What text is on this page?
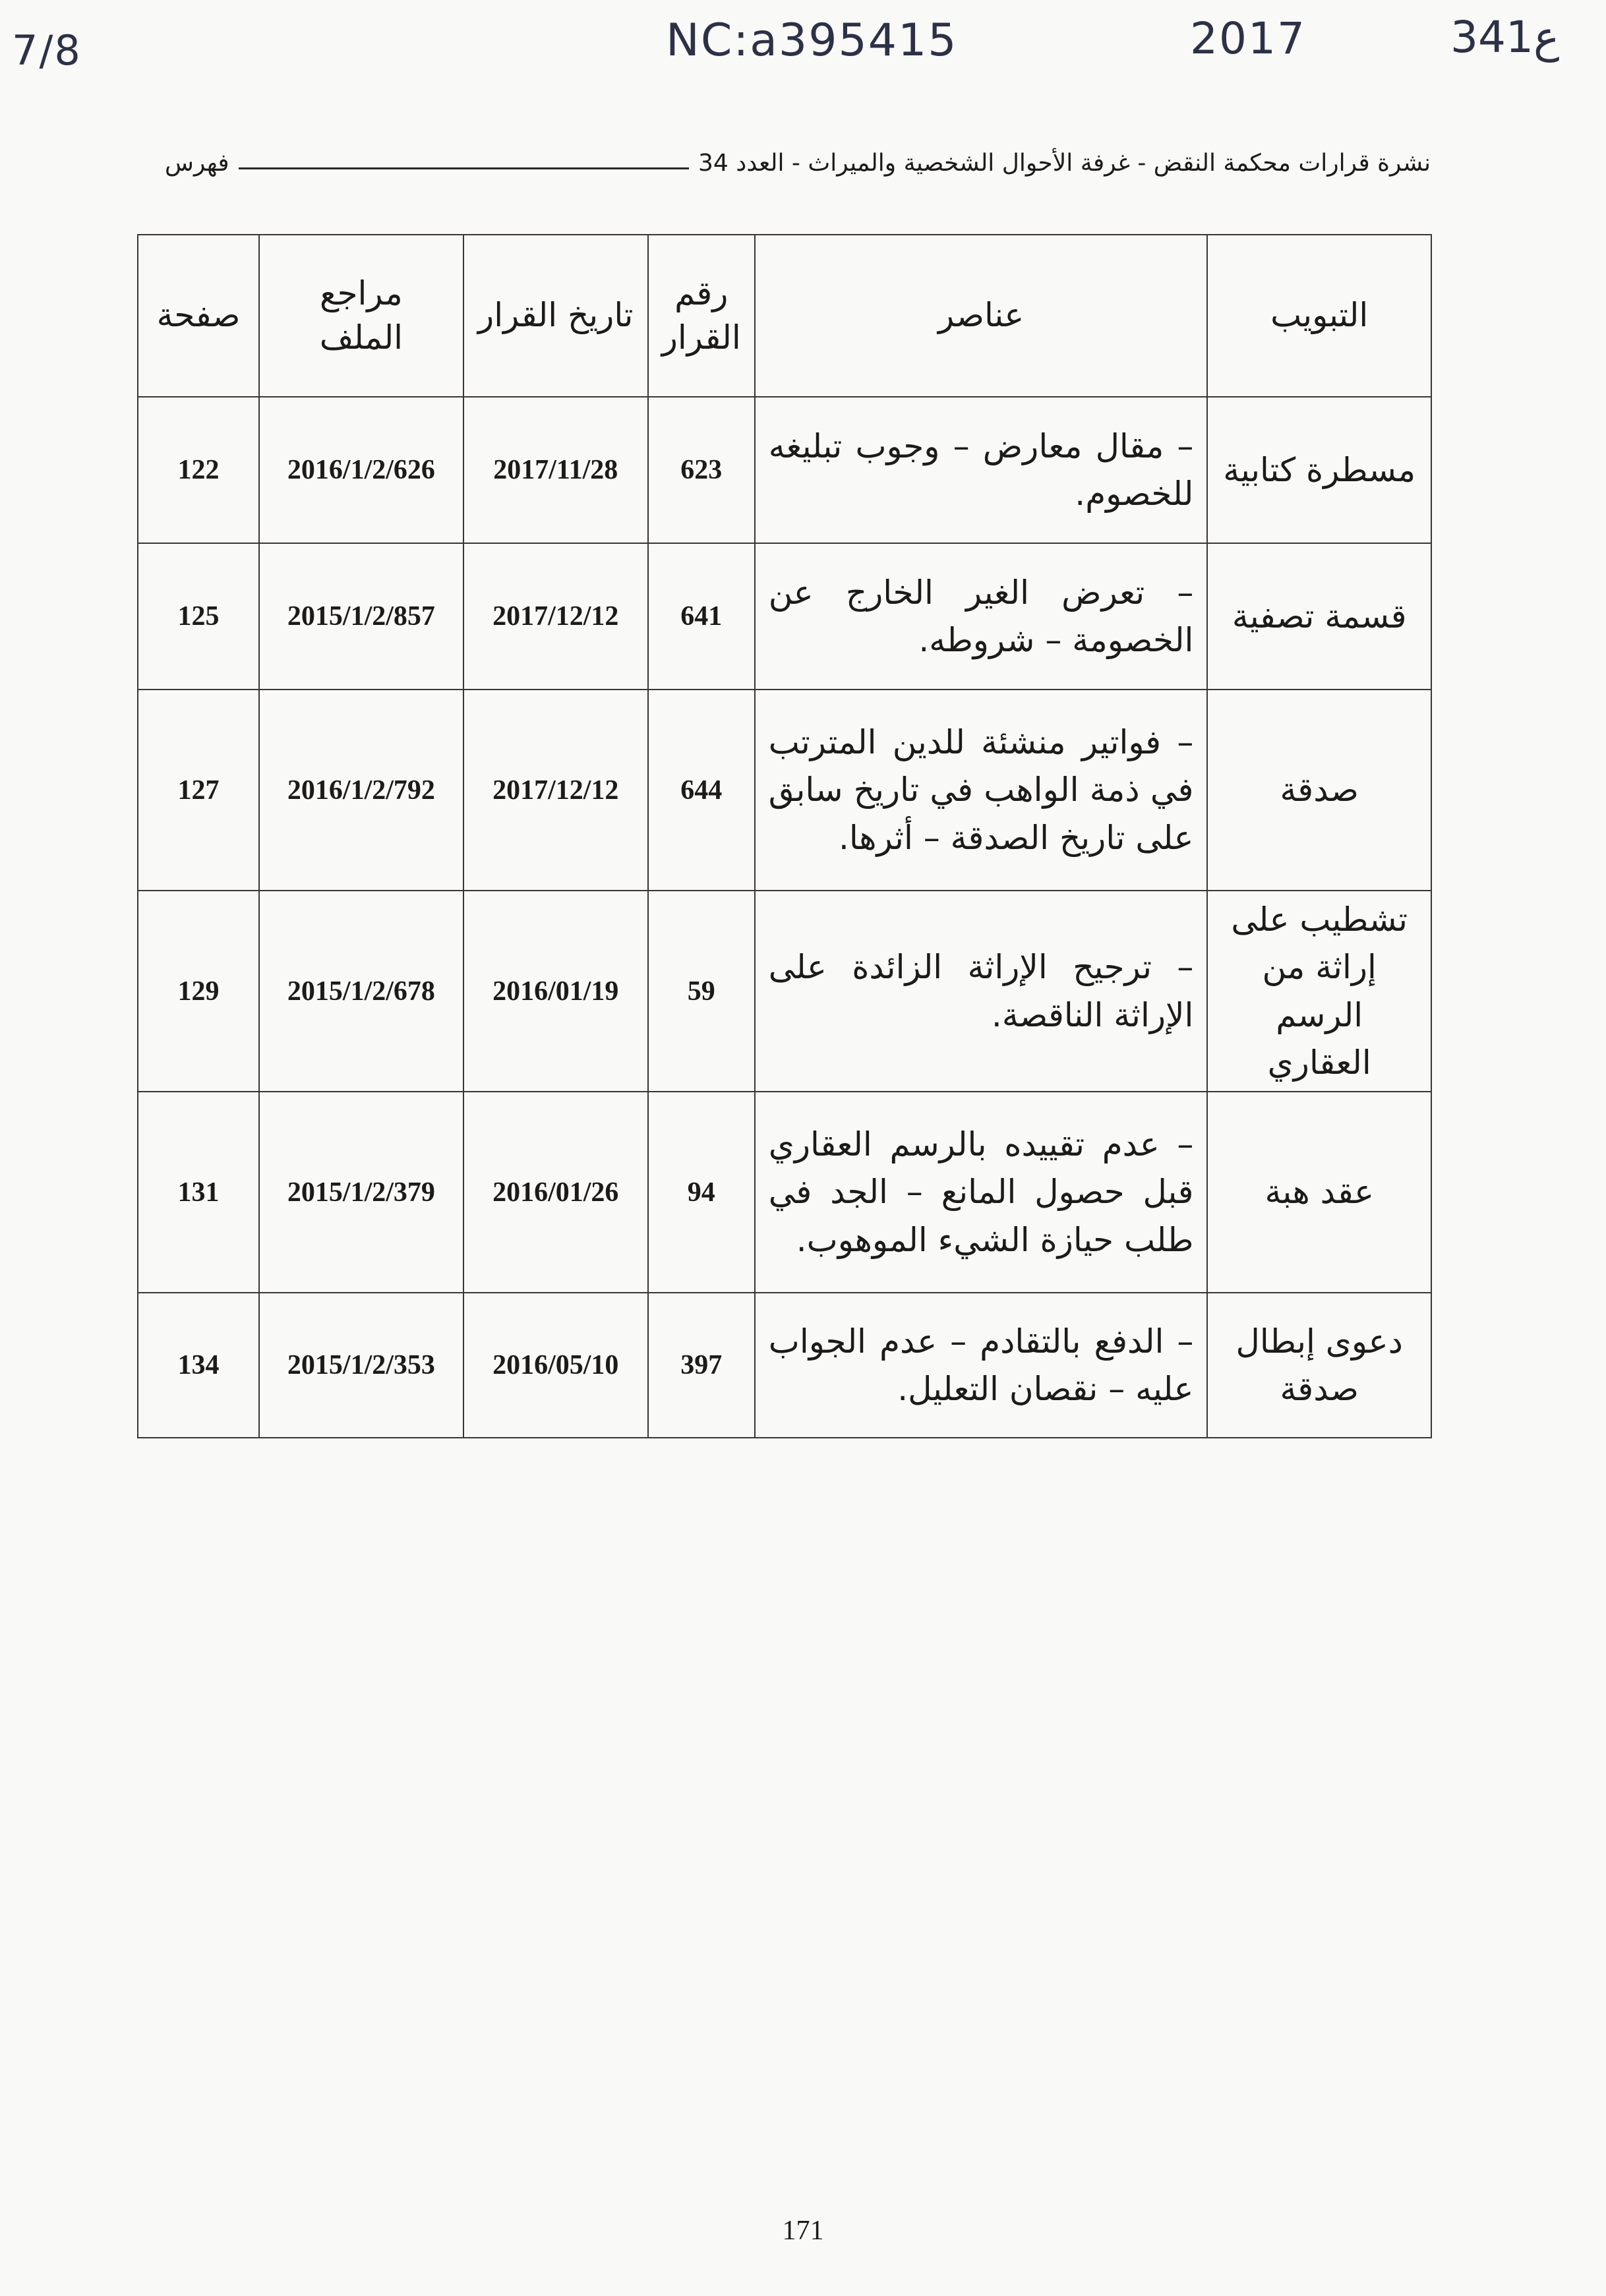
7/8	NC:a395415	2017	341ع
نشرة قرارات محكمة النقض - غرفة الأحوال الشخصية والميراث - العدد 34
فهرس
التبويب	عناصر	رقم القرار	تاريخ القرار	مراجع الملف	صفحة
مسطرة كتابية	– مقال معارض – وجوب تبليغه للخصوم.	623	2017/11/28	2016/1/2/626	122
قسمة تصفية	– تعرض الغير الخارج عن الخصومة – شروطه.	641	2017/12/12	2015/1/2/857	125
صدقة	– فواتير منشئة للدين المترتب في ذمة الواهب في تاريخ سابق على تاريخ الصدقة – أثرها.	644	2017/12/12	2016/1/2/792	127
تشطيب على إراثة من الرسم العقاري	– ترجيح الإراثة الزائدة على الإراثة الناقصة.	59	2016/01/19	2015/1/2/678	129
عقد هبة	– عدم تقييده بالرسم العقاري قبل حصول المانع – الجد في طلب حيازة الشيء الموهوب.	94	2016/01/26	2015/1/2/379	131
دعوى إبطال صدقة	– الدفع بالتقادم – عدم الجواب عليه – نقصان التعليل.	397	2016/05/10	2015/1/2/353	134
171
